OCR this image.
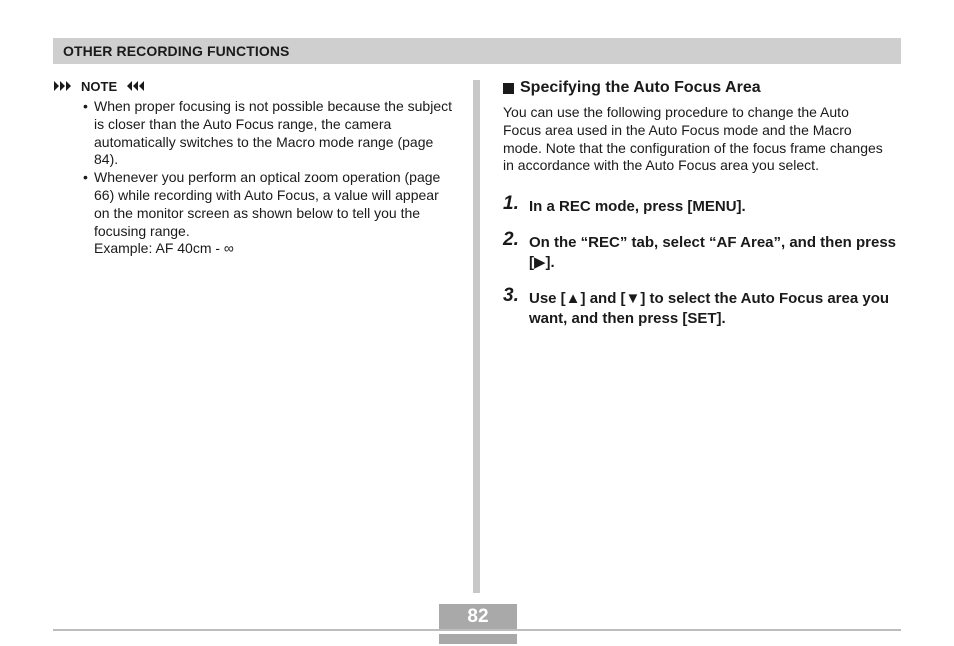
OTHER RECORDING FUNCTIONS
NOTE
• When proper focusing is not possible because the subject is closer than the Auto Focus range, the camera automatically switches to the Macro mode range (page 84).
• Whenever you perform an optical zoom operation (page 66) while recording with Auto Focus, a value will appear on the monitor screen as shown below to tell you the focusing range.
Example: AF 40cm - ∞
Specifying the Auto Focus Area
You can use the following procedure to change the Auto Focus area used in the Auto Focus mode and the Macro mode. Note that the configuration of the focus frame changes in accordance with the Auto Focus area you select.
1. In a REC mode, press [MENU].
2. On the “REC” tab, select “AF Area”, and then press [▶].
3. Use [▲] and [▼] to select the Auto Focus area you want, and then press [SET].
82
